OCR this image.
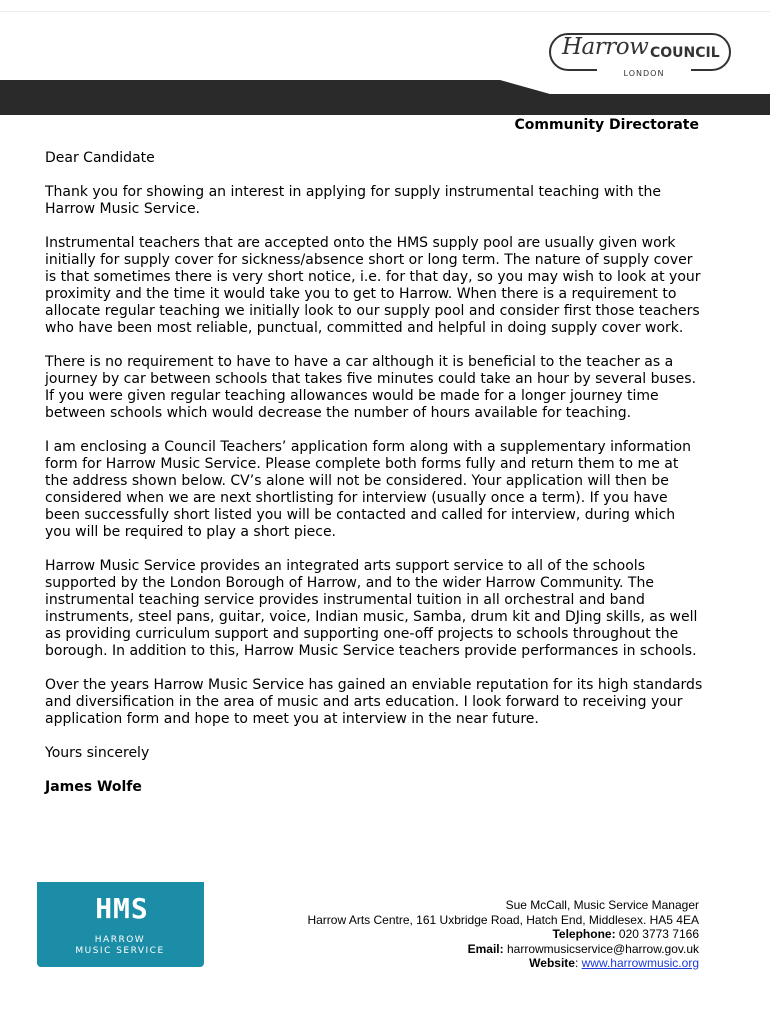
Harrow COUNCIL
LONDON
Community Directorate

Dear Candidate

Thank you for showing an interest in applying for supply instrumental teaching with the Harrow Music Service.

Instrumental teachers that are accepted onto the HMS supply pool are usually given work initially for supply cover for sickness/absence short or long term. The nature of supply cover is that sometimes there is very short notice, i.e. for that day, so you may wish to look at your proximity and the time it would take you to get to Harrow. When there is a requirement to allocate regular teaching we initially look to our supply pool and consider first those teachers who have been most reliable, punctual, committed and helpful in doing supply cover work.

There is no requirement to have to have a car although it is beneficial to the teacher as a journey by car between schools that takes five minutes could take an hour by several buses. If you were given regular teaching allowances would be made for a longer journey time between schools which would decrease the number of hours available for teaching.

I am enclosing a Council Teachers’ application form along with a supplementary information form for Harrow Music Service. Please complete both forms fully and return them to me at the address shown below. CV’s alone will not be considered. Your application will then be considered when we are next shortlisting for interview (usually once a term). If you have been successfully short listed you will be contacted and called for interview, during which you will be required to play a short piece.

Harrow Music Service provides an integrated arts support service to all of the schools supported by the London Borough of Harrow, and to the wider Harrow Community. The instrumental teaching service provides instrumental tuition in all orchestral and band instruments, steel pans, guitar, voice, Indian music, Samba, drum kit and DJing skills, as well as providing curriculum support and supporting one-off projects to schools throughout the borough. In addition to this, Harrow Music Service teachers provide performances in schools.

Over the years Harrow Music Service has gained an enviable reputation for its high standards and diversification in the area of music and arts education. I look forward to receiving your application form and hope to meet you at interview in the near future.

Yours sincerely

James Wolfe

HMS
HARROW
MUSIC SERVICE
Sue McCall, Music Service Manager
Harrow Arts Centre, 161 Uxbridge Road, Hatch End, Middlesex. HA5 4EA
Telephone: 020 3773 7166
Email: harrowmusicservice@harrow.gov.uk
Website: www.harrowmusic.org
